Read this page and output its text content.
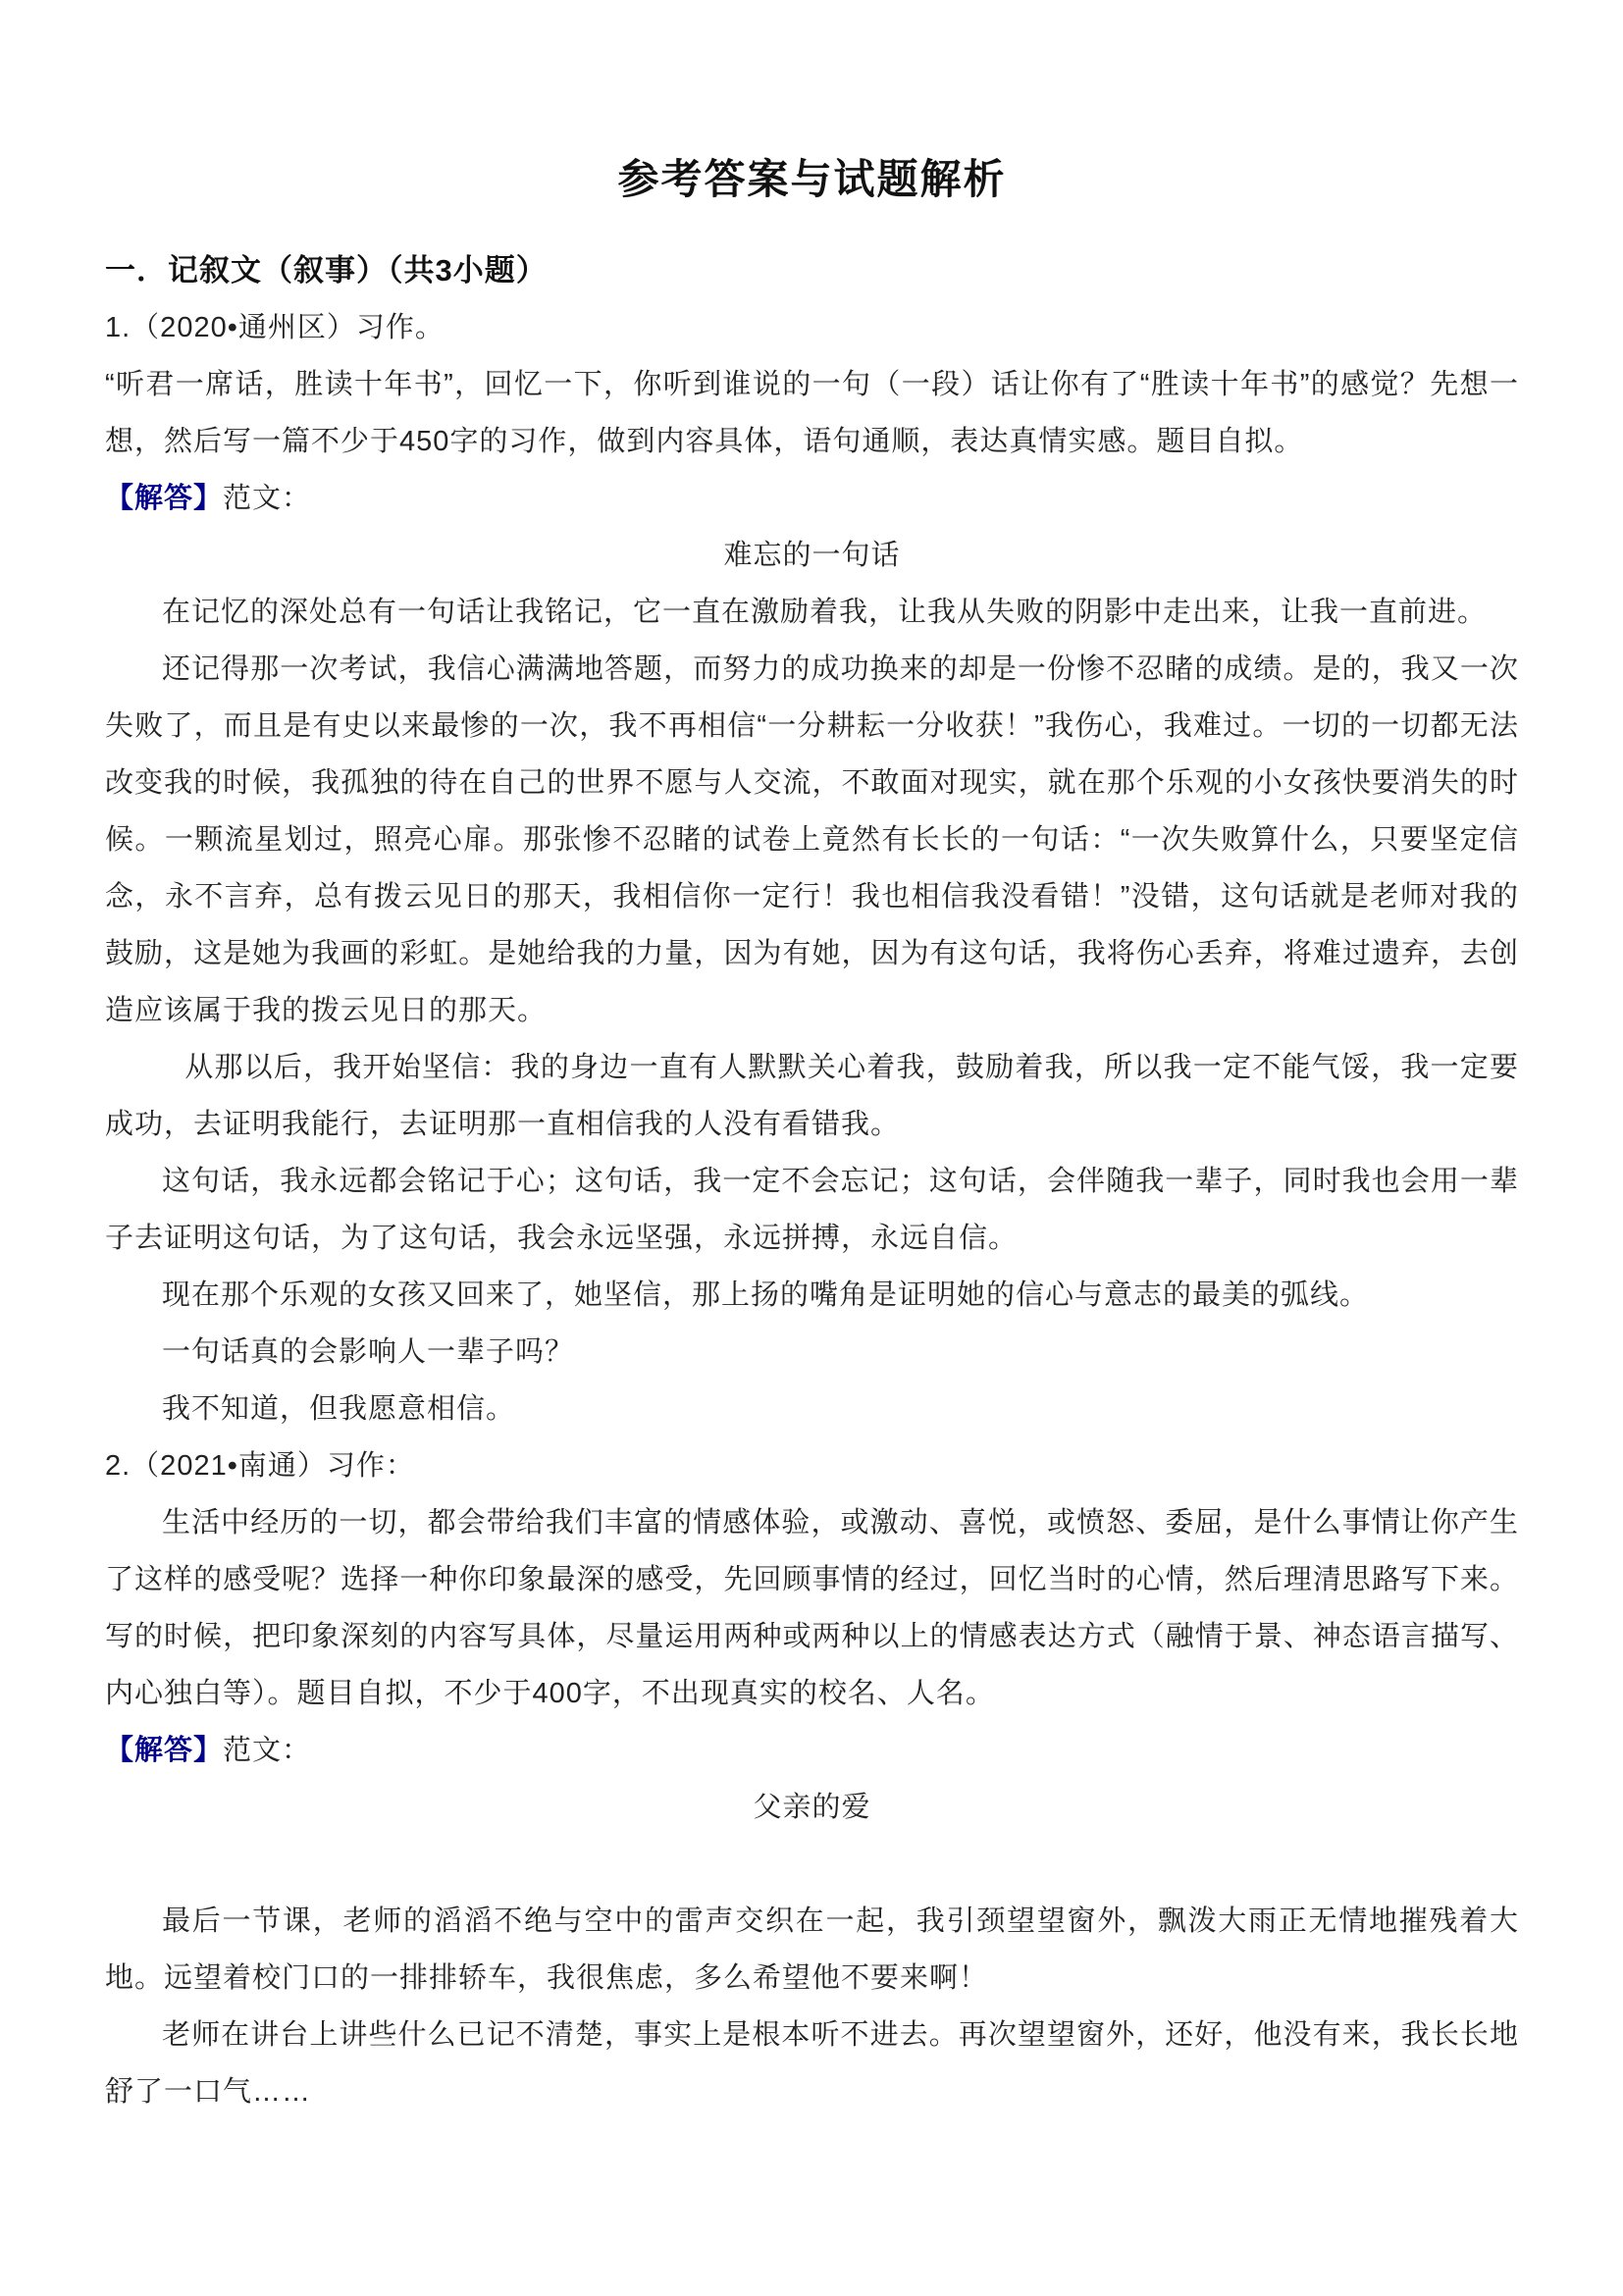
参考答案与试题解析
一．记叙文（叙事）（共3小题）

1.（2020•通州区）习作。

“听君一席话，胜读十年书”，回忆一下，你听到谁说的一句（一段）话让你有了“胜读十年书”的感觉？先想一想，然后写一篇不少于450字的习作，做到内容具体，语句通顺，表达真情实感。题目自拟。

【解答】范文：

难忘的一句话

在记忆的深处总有一句话让我铭记，它一直在激励着我，让我从失败的阴影中走出来，让我一直前进。

还记得那一次考试，我信心满满地答题，而努力的成功换来的却是一份惨不忍睹的成绩。是的，我又一次失败了，而且是有史以来最惨的一次，我不再相信“一分耕耘一分收获！”我伤心，我难过。一切的一切都无法改变我的时候，我孤独的待在自己的世界不愿与人交流，不敢面对现实，就在那个乐观的小女孩快要消失的时候。一颗流星划过，照亮心扉。那张惨不忍睹的试卷上竟然有长长的一句话：“一次失败算什么，只要坚定信念，永不言弃，总有拨云见日的那天，我相信你一定行！我也相信我没看错！”没错，这句话就是老师对我的鼓励，这是她为我画的彩虹。是她给我的力量，因为有她，因为有这句话，我将伤心丢弃，将难过遗弃，去创造应该属于我的拨云见日的那天。

从那以后，我开始坚信：我的身边一直有人默默关心着我，鼓励着我，所以我一定不能气馁，我一定要成功，去证明我能行，去证明那一直相信我的人没有看错我。

这句话，我永远都会铭记于心；这句话，我一定不会忘记；这句话，会伴随我一辈子，同时我也会用一辈子去证明这句话，为了这句话，我会永远坚强，永远拼搏，永远自信。

现在那个乐观的女孩又回来了，她坚信，那上扬的嘴角是证明她的信心与意志的最美的弧线。

一句话真的会影响人一辈子吗？

我不知道，但我愿意相信。

2.（2021•南通）习作：

生活中经历的一切，都会带给我们丰富的情感体验，或激动、喜悦，或愤怒、委屈，是什么事情让你产生了这样的感受呢？选择一种你印象最深的感受，先回顾事情的经过，回忆当时的心情，然后理清思路写下来。写的时候，把印象深刻的内容写具体，尽量运用两种或两种以上的情感表达方式（融情于景、神态语言描写、内心独白等）。题目自拟，不少于400字，不出现真实的校名、人名。

【解答】范文：

父亲的爱

最后一节课，老师的滔滔不绝与空中的雷声交织在一起，我引颈望望窗外，飘泼大雨正无情地摧残着大地。远望着校门口的一排排轿车，我很焦虑，多么希望他不要来啊！

老师在讲台上讲些什么已记不清楚，事实上是根本听不进去。再次望望窗外，还好，他没有来，我长长地舒了一口气……
